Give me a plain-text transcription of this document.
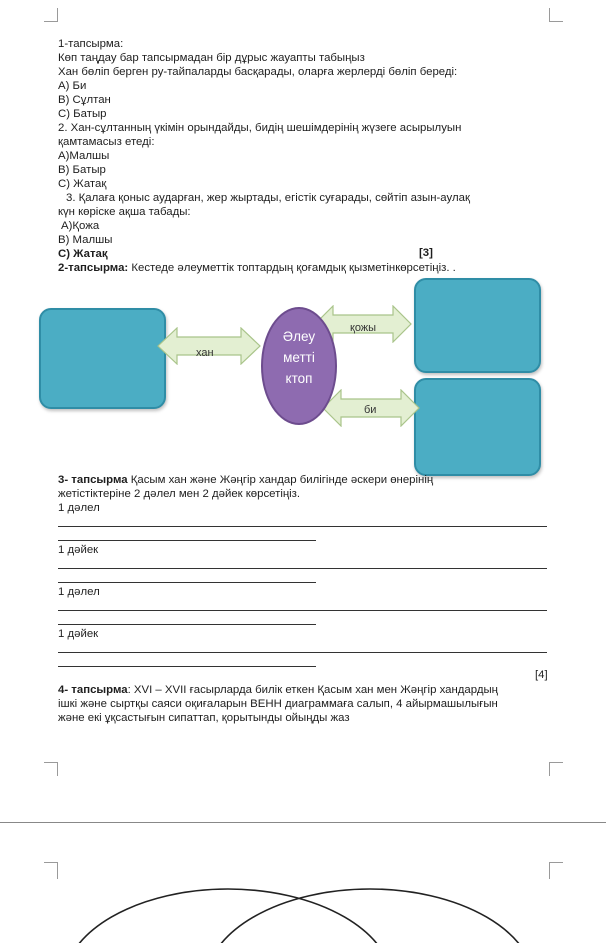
1-тапсырма:
Көп таңдау бар тапсырмадан бір дұрыс жауапты табыңыз
Хан бөліп берген ру-тайпаларды басқарады, оларға жерлерді бөліп береді:
А) Би
В) Сұлтан
С) Батыр
2. Хан-сұлтанның үкімін орындайды, бидің шешімдерінің жүзеге асырылуын
қамтамасыз етеді:
А)Малшы
В) Батыр
С) Жатақ
3. Қалаға қоныс аударған, жер жыртады, егістік суғарады, сөйтіп азын-аулақ
күн көріске ақша табады:
А)Қожа
В) Малшы
С) Жатақ	[3]
2-тапсырма: Кестеде әлеуметтік топтардың қоғамдық қызметінкөрсетіңіз. .
хан
қожы
би
Әлеу
метті
ктоп
3- тапсырма Қасым хан және Жәңгір хандар билігінде әскери өнерінің
жетістіктеріне 2 дәлел мен 2 дәйек көрсетіңіз.
1 дәлел
1 дәйек
1 дәлел
1 дәйек
[4]
4- тапсырма: XVI – XVII ғасырларда билік еткен Қасым хан мен Жәңгір хандардың
ішкі және сыртқы саяси оқиғаларын ВЕНН диаграммаға салып, 4 айырмашылығын
және екі ұқсастығын сипаттап, қорытынды ойыңды жаз
